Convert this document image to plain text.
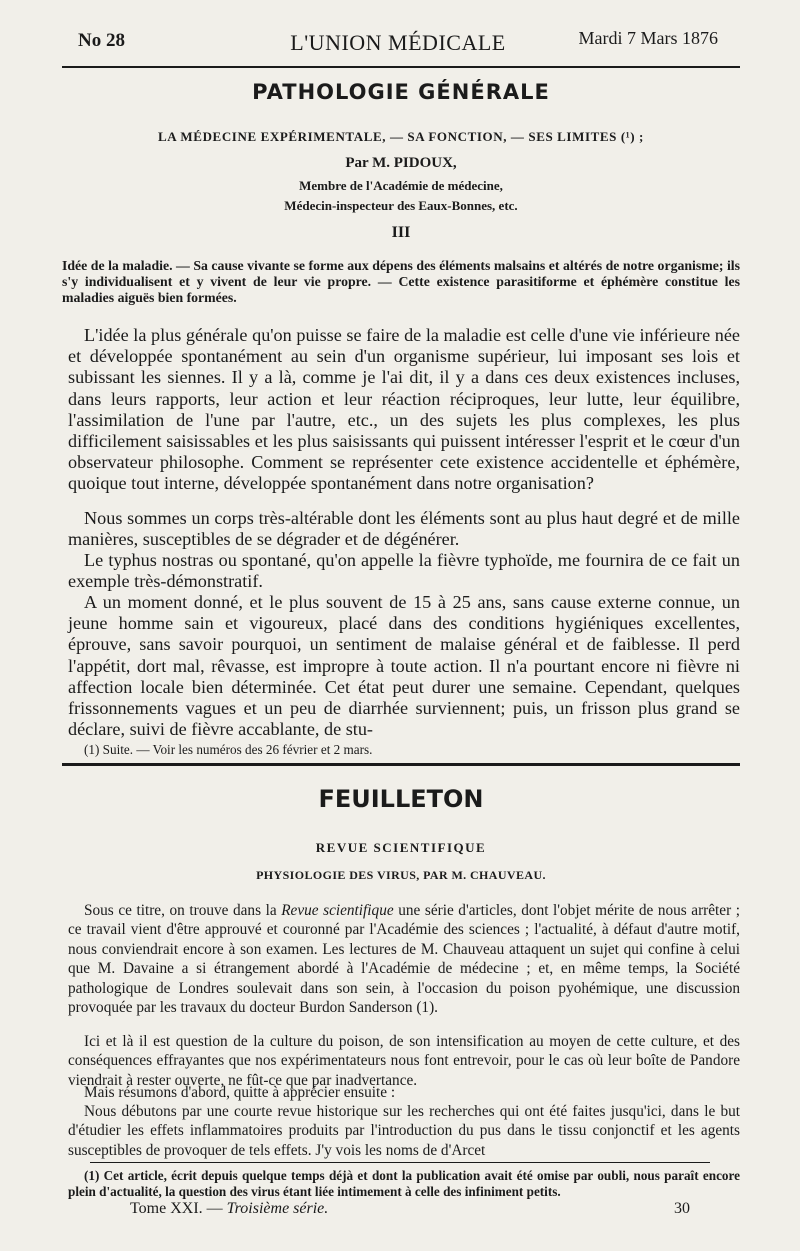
No 28	L'UNION MÉDICALE	Mardi 7 Mars 1876
PATHOLOGIE GÉNÉRALE
LA MÉDECINE EXPÉRIMENTALE, — SA FONCTION, — SES LIMITES (¹) ;
Par M. PIDOUX,
Membre de l'Académie de médecine,
Médecin-inspecteur des Eaux-Bonnes, etc.
III

Idée de la maladie. — Sa cause vivante se forme aux dépens des éléments malsains et altérés de notre organisme; ils s'y individualisent et y vivent de leur vie propre. — Cette existence parasitiforme et éphémère constitue les maladies aiguës bien formées.

L'idée la plus générale qu'on puisse se faire de la maladie est celle d'une vie inférieure née et développée spontanément au sein d'un organisme supérieur, lui imposant ses lois et subissant les siennes. Il y a là, comme je l'ai dit, il y a dans ces deux existences incluses, dans leurs rapports, leur action et leur réaction réciproques, leur lutte, leur équilibre, l'assimilation de l'une par l'autre, etc., un des sujets les plus complexes, les plus difficilement saisissables et les plus saisissants qui puissent intéresser l'esprit et le cœur d'un observateur philosophe. Comment se représenter cete existence accidentelle et éphémère, quoique tout interne, développée spontanément dans notre organisation?

Nous sommes un corps très-altérable dont les éléments sont au plus haut degré et de mille manières, susceptibles de se dégrader et de dégénérer.

Le typhus nostras ou spontané, qu'on appelle la fièvre typhoïde, me fournira de ce fait un exemple très-démonstratif.

A un moment donné, et le plus souvent de 15 à 25 ans, sans cause externe connue, un jeune homme sain et vigoureux, placé dans des conditions hygiéniques excellentes, éprouve, sans savoir pourquoi, un sentiment de malaise général et de faiblesse. Il perd l'appétit, dort mal, rêvasse, est impropre à toute action. Il n'a pourtant encore ni fièvre ni affection locale bien déterminée. Cet état peut durer une semaine. Cependant, quelques frissonnements vagues et un peu de diarrhée surviennent; puis, un frisson plus grand se déclare, suivi de fièvre accablante, de stu-

(1) Suite. — Voir les numéros des 26 février et 2 mars.

FEUILLETON
REVUE SCIENTIFIQUE
PHYSIOLOGIE DES VIRUS, PAR M. CHAUVEAU.

Sous ce titre, on trouve dans la Revue scientifique une série d'articles, dont l'objet mérite de nous arrêter ; ce travail vient d'être approuvé et couronné par l'Académie des sciences ; l'actualité, à défaut d'autre motif, nous conviendrait encore à son examen. Les lectures de M. Chauveau attaquent un sujet qui confine à celui que M. Davaine a si étrangement abordé à l'Académie de médecine ; et, en même temps, la Société pathologique de Londres soulevait dans son sein, à l'occasion du poison pyohémique, une discussion provoquée par les travaux du docteur Burdon Sanderson (1).

Ici et là il est question de la culture du poison, de son intensification au moyen de cette culture, et des conséquences effrayantes que nos expérimentateurs nous font entrevoir, pour le cas où leur boîte de Pandore viendrait à rester ouverte, ne fût-ce que par inadvertance.

Mais résumons d'abord, quitte à apprécier ensuite :

Nous débutons par une courte revue historique sur les recherches qui ont été faites jusqu'ici, dans le but d'étudier les effets inflammatoires produits par l'introduction du pus dans le tissu conjonctif et les agents susceptibles de provoquer de tels effets. J'y vois les noms de d'Arcet

(1) Cet article, écrit depuis quelque temps déjà et dont la publication avait été omise par oubli, nous paraît encore plein d'actualité, la question des virus étant liée intimement à celle des infiniment petits.

Tome XXI. — Troisième série.	30
